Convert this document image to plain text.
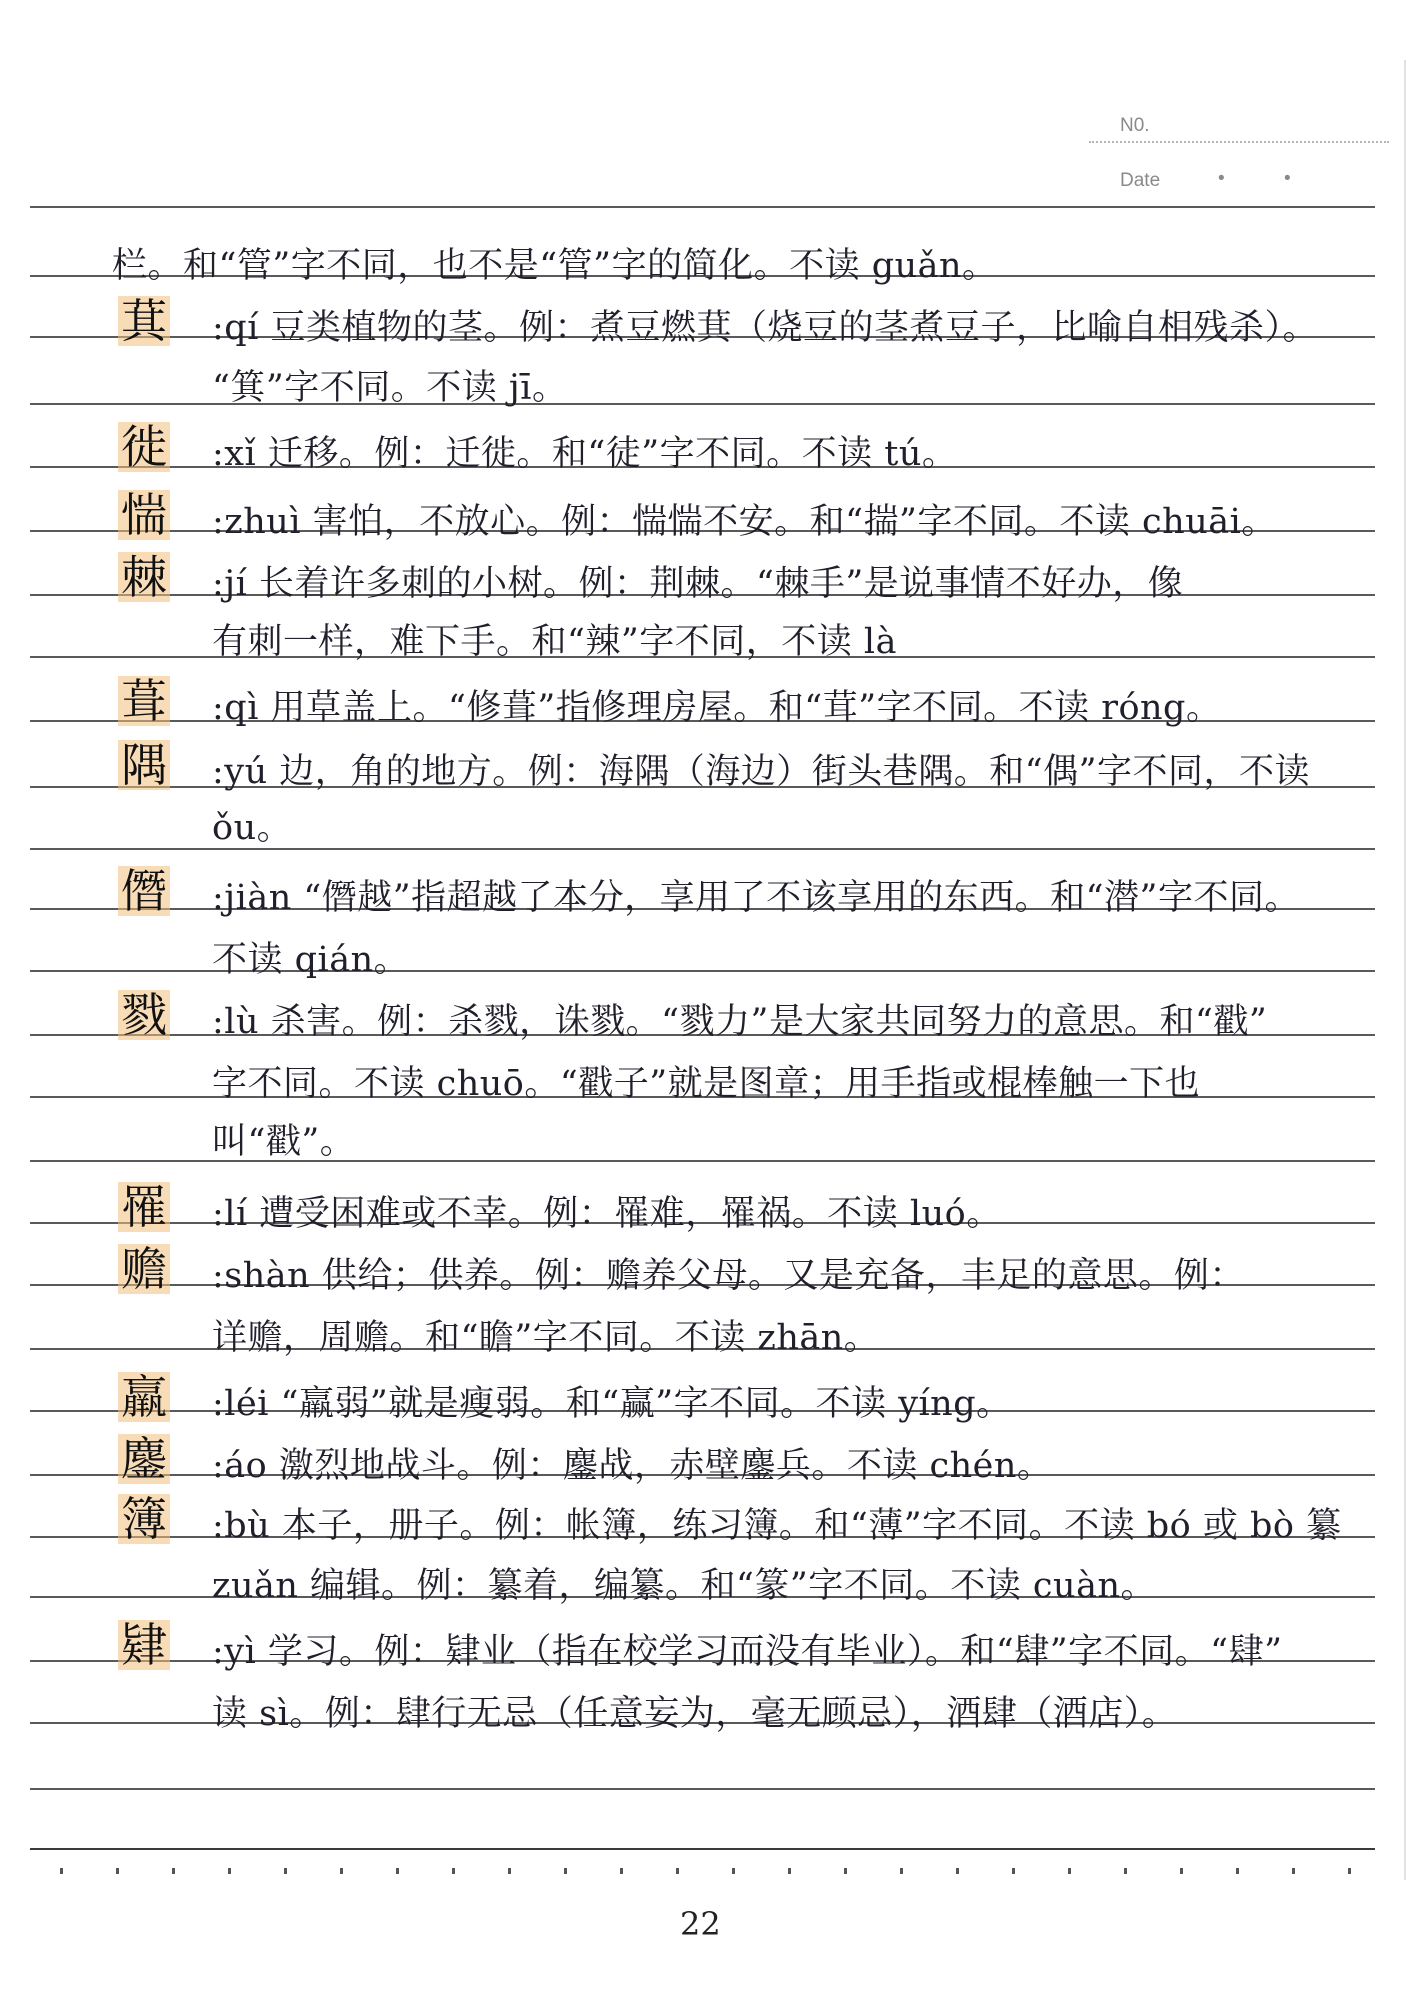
N0.
Date	•	•
栏。和“管”字不同，也不是“管”字的简化。不读 guǎn。
萁 :qí 豆类植物的茎。例：煮豆燃萁（烧豆的茎煮豆子，比喻自相残杀）。
“箕”字不同。不读 jī。
徙 :xǐ 迁移。例：迁徙。和“徒”字不同。不读 tú。
惴 :zhuì 害怕，不放心。例：惴惴不安。和“揣”字不同。不读 chuāi。
棘 :jí 长着许多刺的小树。例：荆棘。“棘手”是说事情不好办，像
有刺一样，难下手。和“辣”字不同，不读 là
葺 :qì 用草盖上。“修葺”指修理房屋。和“茸”字不同。不读 róng。
隅 :yú 边，角的地方。例：海隅（海边）街头巷隅。和“偶”字不同，不读
ǒu。
僭 :jiàn “僭越”指超越了本分，享用了不该享用的东西。和“潜”字不同。
不读 qián。
戮 :lù 杀害。例：杀戮，诛戮。“戮力”是大家共同努力的意思。和“戳”
字不同。不读 chuō。“戳子”就是图章；用手指或棍棒触一下也
叫“戳”。
罹 :lí 遭受困难或不幸。例：罹难，罹祸。不读 luó。
赡 :shàn 供给；供养。例：赡养父母。又是充备，丰足的意思。例：
详赡，周赡。和“瞻”字不同。不读 zhān。
羸 :léi “羸弱”就是瘦弱。和“赢”字不同。不读 yíng。
鏖 :áo 激烈地战斗。例：鏖战，赤壁鏖兵。不读 chén。
簿 :bù 本子，册子。例：帐簿，练习簿。和“薄”字不同。不读 bó 或 bò 纂
zuǎn 编辑。例：纂着，编纂。和“篆”字不同。不读 cuàn。
肄 :yì 学习。例：肄业（指在校学习而没有毕业）。和“肆”字不同。“肆”
读 sì。例：肆行无忌（任意妄为，毫无顾忌），酒肆（酒店）。
22
